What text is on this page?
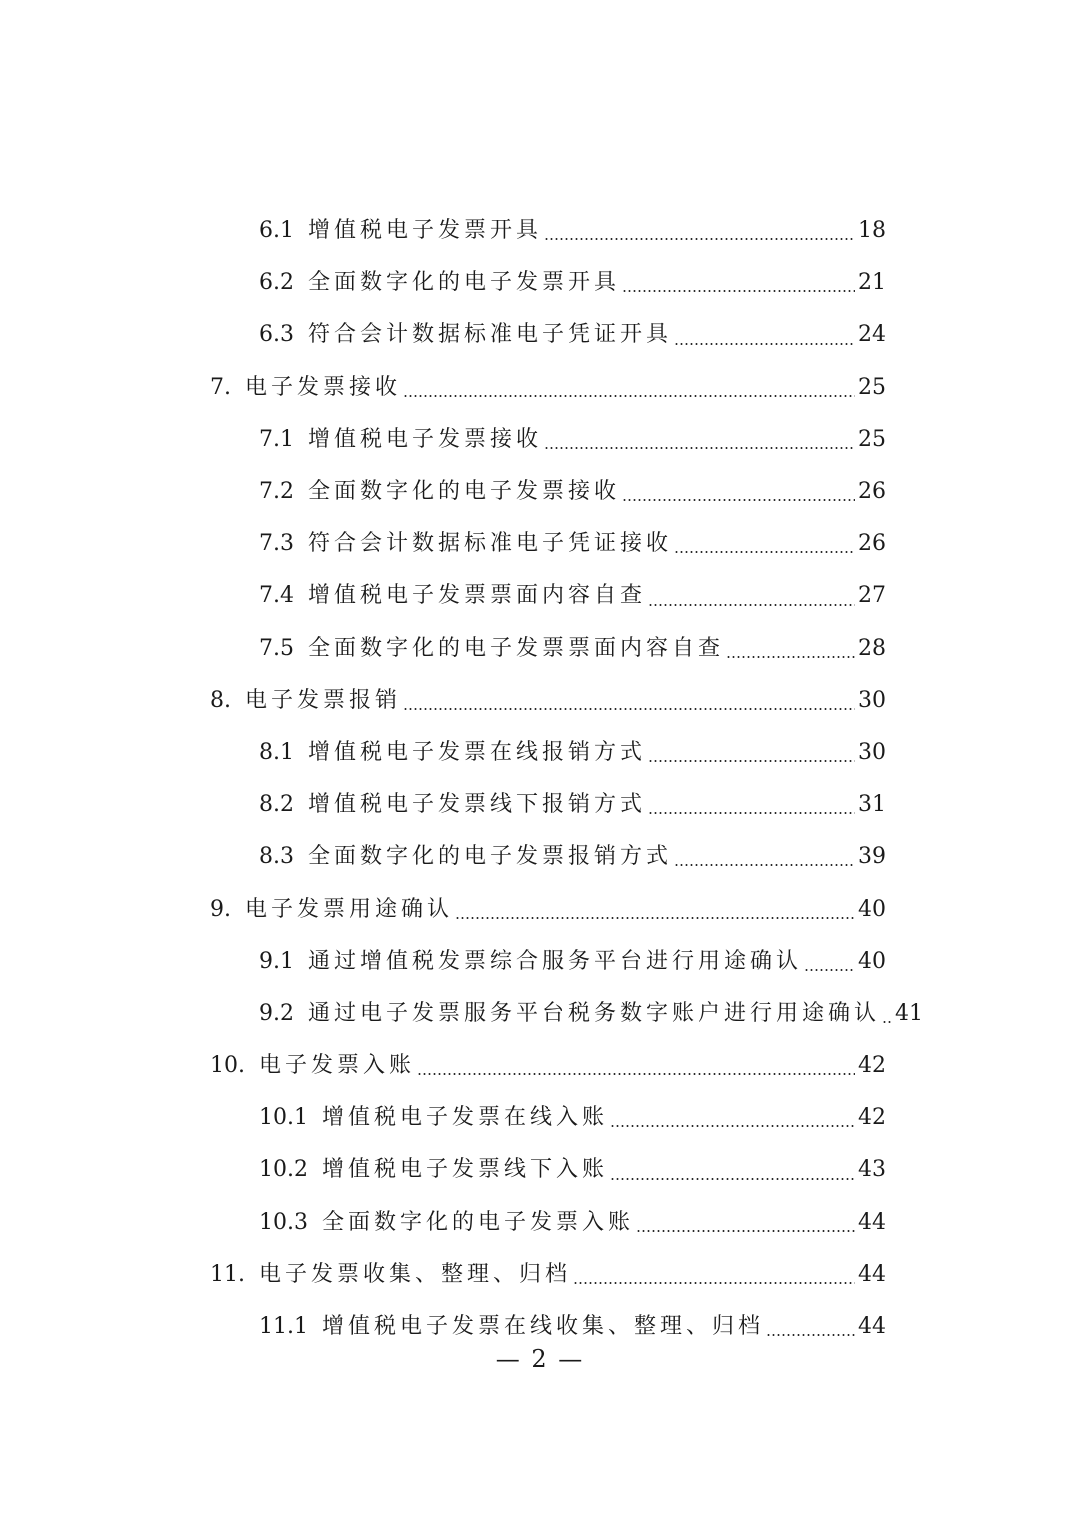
6.1 增值税电子发票开具	18
6.2 全面数字化的电子发票开具	21
6.3 符合会计数据标准电子凭证开具	24
7. 电子发票接收	25
7.1 增值税电子发票接收	25
7.2 全面数字化的电子发票接收	26
7.3 符合会计数据标准电子凭证接收	26
7.4 增值税电子发票票面内容自查	27
7.5 全面数字化的电子发票票面内容自查	28
8. 电子发票报销	30
8.1 增值税电子发票在线报销方式	30
8.2 增值税电子发票线下报销方式	31
8.3 全面数字化的电子发票报销方式	39
9. 电子发票用途确认	40
9.1 通过增值税发票综合服务平台进行用途确认	40
9.2 通过电子发票服务平台税务数字账户进行用途确认 41
10. 电子发票入账	42
10.1 增值税电子发票在线入账	42
10.2 增值税电子发票线下入账	43
10.3 全面数字化的电子发票入账	44
11. 电子发票收集、整理、归档	44
11.1 增值税电子发票在线收集、整理、归档	44
— 2 —
